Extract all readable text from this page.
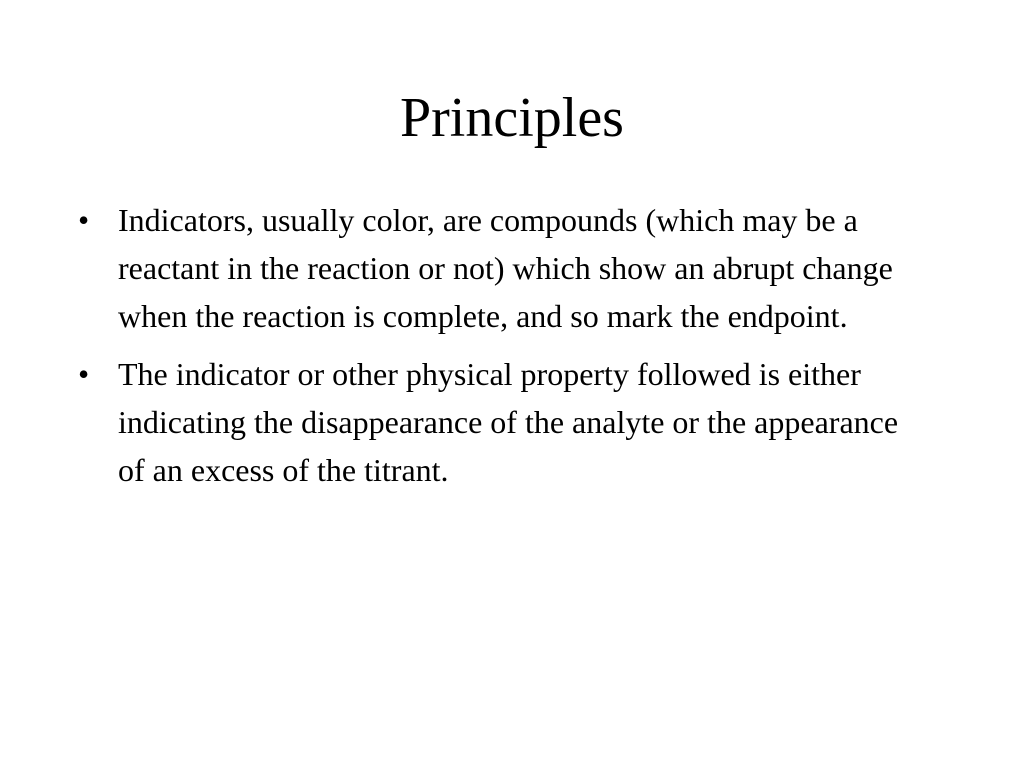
Principles
• Indicators, usually color, are compounds (which may be a reactant in the reaction or not) which show an abrupt change when the reaction is complete, and so mark the endpoint.
• The indicator or other physical property followed is either indicating the disappearance of the analyte or the appearance of an excess of the titrant.
